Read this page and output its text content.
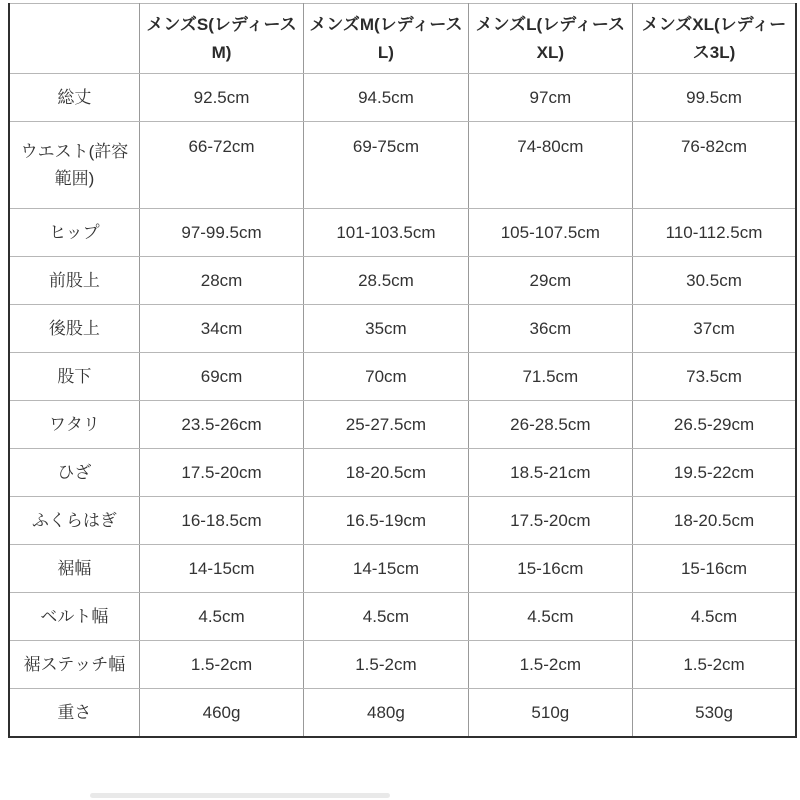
	メンズS(レディースM)	メンズM(レディースL)	メンズL(レディースXL)	メンズXL(レディース3L)
総丈	92.5cm	94.5cm	97cm	99.5cm
ウエスト(許容範囲)	66-72cm	69-75cm	74-80cm	76-82cm
ヒップ	97-99.5cm	101-103.5cm	105-107.5cm	110-112.5cm
前股上	28cm	28.5cm	29cm	30.5cm
後股上	34cm	35cm	36cm	37cm
股下	69cm	70cm	71.5cm	73.5cm
ワタリ	23.5-26cm	25-27.5cm	26-28.5cm	26.5-29cm
ひざ	17.5-20cm	18-20.5cm	18.5-21cm	19.5-22cm
ふくらはぎ	16-18.5cm	16.5-19cm	17.5-20cm	18-20.5cm
裾幅	14-15cm	14-15cm	15-16cm	15-16cm
ベルト幅	4.5cm	4.5cm	4.5cm	4.5cm
裾ステッチ幅	1.5-2cm	1.5-2cm	1.5-2cm	1.5-2cm
重さ	460g	480g	510g	530g
